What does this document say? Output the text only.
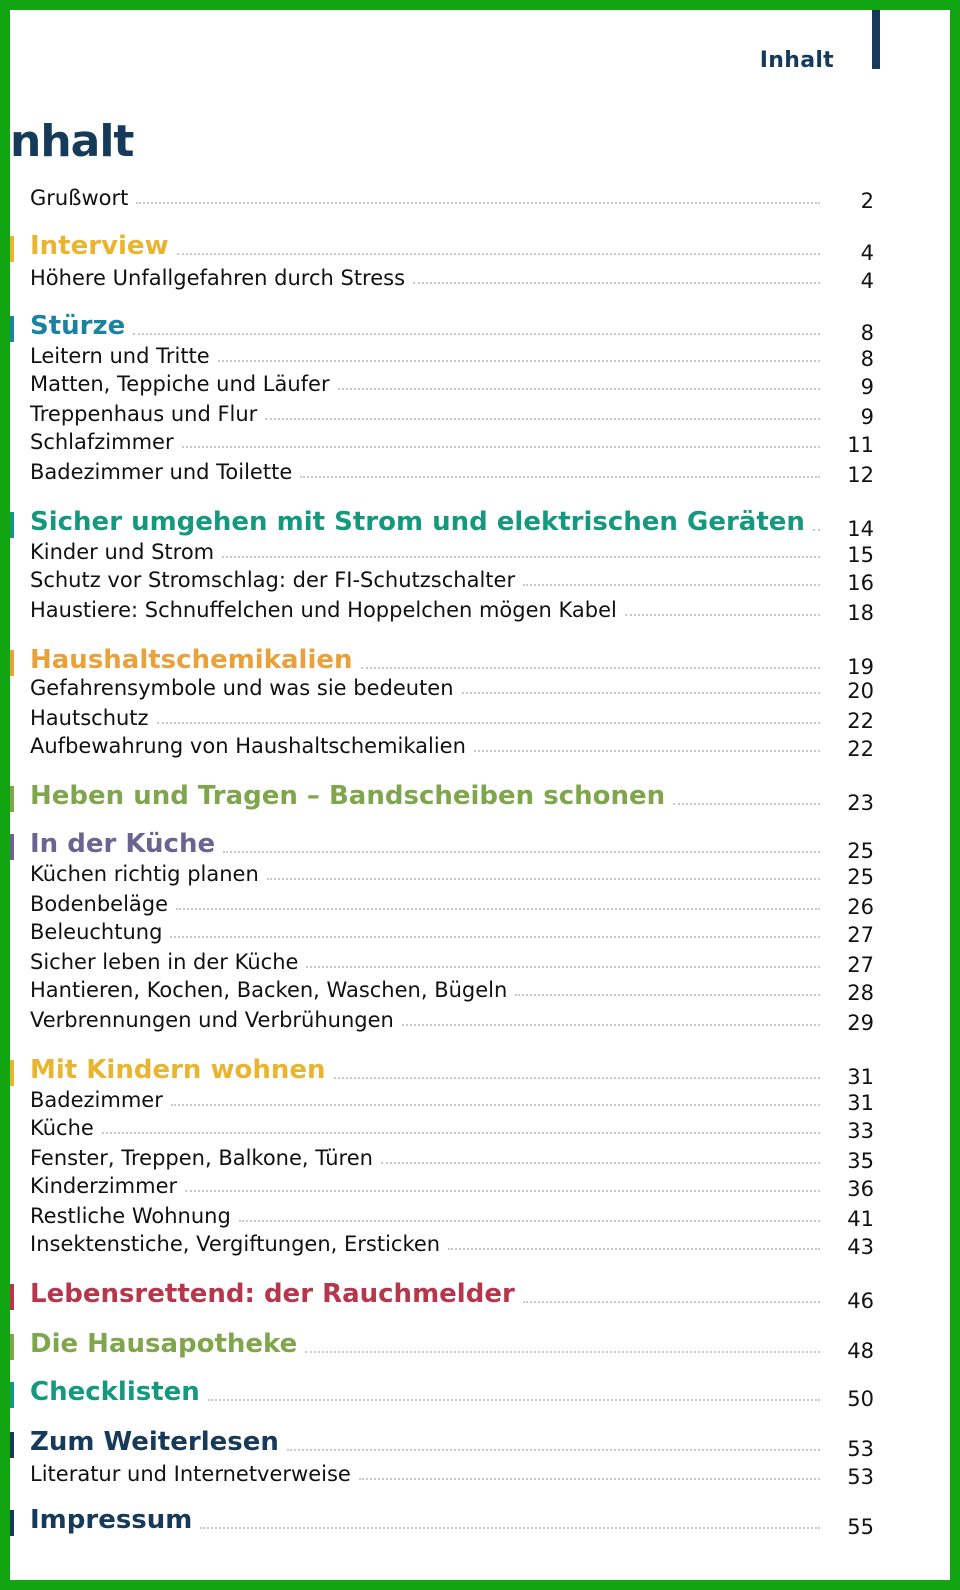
Inhalt
nhalt
Grußwort	2
Interview	4
Höhere Unfallgefahren durch Stress	4
Stürze	8
Leitern und Tritte	8
Matten, Teppiche und Läufer	9
Treppenhaus und Flur	9
Schlafzimmer	11
Badezimmer und Toilette	12
Sicher umgehen mit Strom und elektrischen Geräten	14
Kinder und Strom	15
Schutz vor Stromschlag: der FI-Schutzschalter	16
Haustiere: Schnuffelchen und Hoppelchen mögen Kabel	18
Haushaltschemikalien	19
Gefahrensymbole und was sie bedeuten	20
Hautschutz	22
Aufbewahrung von Haushaltschemikalien	22
Heben und Tragen – Bandscheiben schonen	23
In der Küche	25
Küchen richtig planen	25
Bodenbeläge	26
Beleuchtung	27
Sicher leben in der Küche	27
Hantieren, Kochen, Backen, Waschen, Bügeln	28
Verbrennungen und Verbrühungen	29
Mit Kindern wohnen	31
Badezimmer	31
Küche	33
Fenster, Treppen, Balkone, Türen	35
Kinderzimmer	36
Restliche Wohnung	41
Insektenstiche, Vergiftungen, Ersticken	43
Lebensrettend: der Rauchmelder	46
Die Hausapotheke	48
Checklisten	50
Zum Weiterlesen	53
Literatur und Internetverweise	53
Impressum	55
